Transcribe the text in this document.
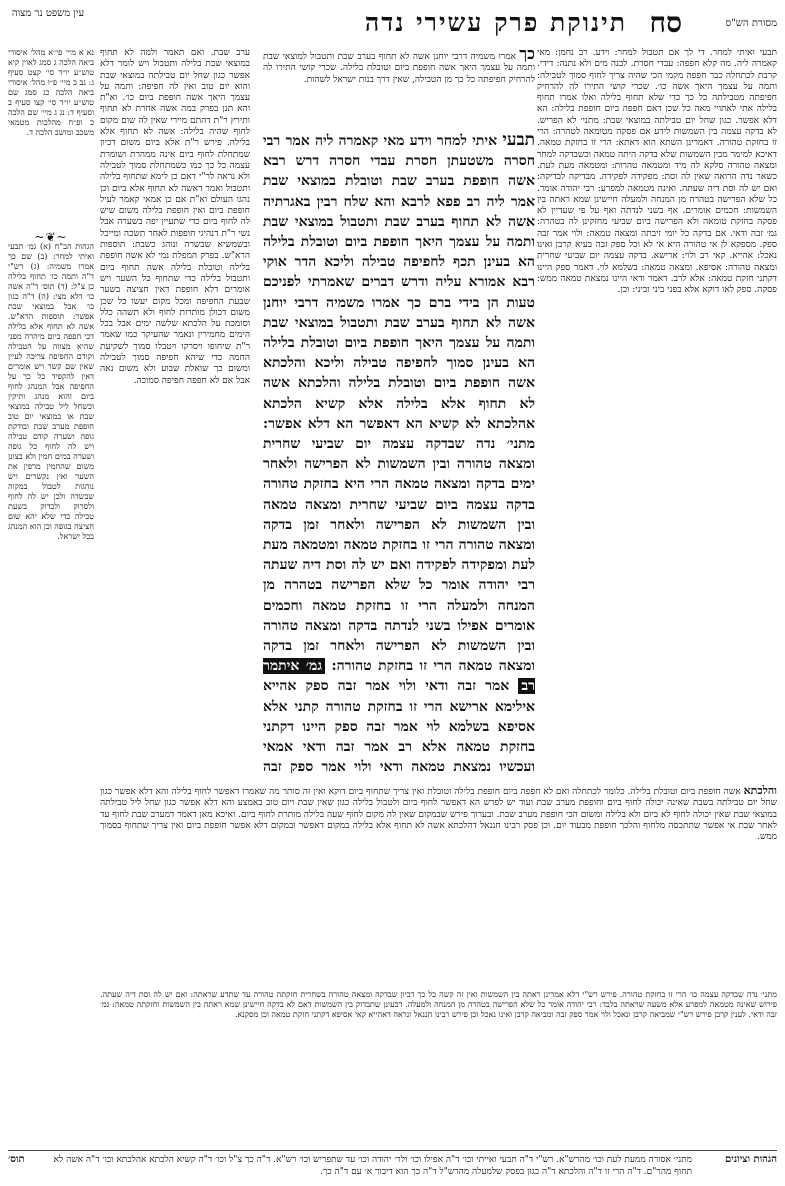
מסורת הש"ס
סח
תינוקת פרק עשירי נדה
עין משפט נר מצוה
תבעי ואיתי למחר. די לך אם תטבול למחר: וידע. רב נחמן: מאי קאמרה ליה. מה קלא חפפה: עבדי חסרת. לבנה מים ולא נתנה: דידי. קרבת לכתחלה כבר חפפה מקמי הכי שהיה צריך לחוף סמוך לטבילה: ותמה על עצמך היאך אשה כו׳. שכרי קושי התירו לה להרחיק חפיפתה מטבילתה כל כך כדי שלא תחוף בלילה ואלו אמרו תחוף בלילה אתי לאתויי מאה כל שכן דאם חפפה ביום חופפת בלילה: הא דלא אפשר. כגון שחל יום טבילתה במוצאי שבת: מתני׳ לא הפריש. לא בדקה עצמה בין השמשות לידע אם פסקה מטומאה לטהרה: הרי זו בחזקת טהורה. דאמרינן השתא הוא דאתא: הרי זו בחזקת טמאה. דאיכא למימר מבין השמשות שלא בדקה היתה טמאה וכשבדקה למחר ומצאה טהורה סלקא לה מיד ומטמאה טהרות: ומטמאה מעת לעת. כשאר נדה הרואה שאין לה וסת: מפקידה לפקידה. מבדיקה לבדיקה: ואם יש לה וסת דיה שעתה. ואינה מטמאה למפרע: רבי יהודה אומר. כל שלא הפרישה בטהרה מן המנחה ולמעלה חיישינן שמא ראתה בין השמשות: חכמים אומרים. אף בשני לנדתה ואף על פי שעדיין לא פסקה בחזקת טומאה ולא הפרישה ביום שביעי מחזקינן לה בטהרה: גמ׳ זבה ודאי. אם בדקה כל יומי זיבתה ומצאה טמאה: ולוי אמר זבה ספק. מספקא לן אי טהורה היא אי לא וכל ספק זבה בעיא קרבן ואינו נאכל: אהייא. קאי רב ולוי: ארישא. בדקה עצמה יום שביעי שחרית ומצאה טהורה: אסיפא. ומצאה טמאה: בשלמא לוי. דאמר ספק היינו דקתני חזקת טמאה: אלא לרב. דאמר ודאי היינו נמצאת טמאה ממש: פסקה. ספק לאו דוקא אלא בפני ביני וביני: וכן.
כך אמרו משמיה דרבי יוחנן אשה לא תחוף בערב שבת ותטבול למוצאי שבת ותמה על עצמך היאך אשה חופפת ביום וטובלת בלילה. שכרי קושי התירו לה להרחיק חפיפתה כל כך מן הטבילה, שאין דרך בנות ישראל לשהות.
תבעי איתי למחר וידע מאי קאמרה ליה אמר רבי חסרה משטעתן חסרת עבדי חסרה דרש רבא אשה חופפת בערב שבת וטובלת במוצאי שבת אמר ליה רב פפא לרבא והא שלח רבין באגרתיה אשה לא תחוף בערב שבת ותטבול במוצאי שבת ותמה על עצמך היאך חופפת ביום וטובלת בלילה הא בעינן תכף לחפיפה טבילה וליכא הדר אוקי רבא אמורא עליה ודרש דברים שאמרתי לפניכם טעות הן בידי ברם כך אמרו משמיה דרבי יוחנן אשה לא תחוף בערב שבת ותטבול במוצאי שבת ותמה על עצמך היאך חופפת ביום וטובלת בלילה הא בעינן סמוך לחפיפה טבילה וליכא והלכתא אשה חופפת ביום וטובלת בלילה והלכתא אשה לא תחוף אלא בלילה אלא קשיא הלכתא אהלכתא לא קשיא הא דאפשר הא דלא אפשר: מתני׳ נדה שבדקה עצמה יום שביעי שחרית ומצאה טהורה ובין השמשות לא הפרישה ולאחר ימים בדקה ומצאה טמאה הרי היא בחזקת טהורה בדקה עצמה ביום שביעי שחרית ומצאה טמאה ובין השמשות לא הפרישה ולאחר זמן בדקה ומצאה טהורה הרי זו בחזקת טמאה ומטמאה מעת לעת ומפקידה לפקידה ואם יש לה וסת דיה שעתה רבי יהודה אומר כל שלא הפרישה בטהרה מן המנחה ולמעלה הרי זו בחזקת טמאה וחכמים אומרים אפילו בשני לנדתה בדקה ומצאה טהורה ובין השמשות לא הפרישה ולאחר זמן בדקה ומצאה טמאה הרי זו בחזקת טהורה: גמ׳ איתמר רב אמר זבה ודאי ולוי אמר זבה ספק אהייא אילימא ארישא הרי זו בחזקת טהורה קתני אלא אסיפא בשלמא לוי אמר זבה ספק היינו דקתני בחזקת טמאה אלא רב אמר זבה ודאי אמאי ועכשיו נמצאת טמאה ודאי ולוי אמר ספק זבה
ערב שבת. ואם תאמר ולמה לא תחוף במוצאי שבת בלילה ותטבול ויש לומר דלא אפשר כגון שחל יום טבילתה במוצאי שבת והוא יום טוב ואין לה חפיפה: ותמה על עצמך היאך אשה חופפת ביום כו׳. וא"ת והא תנן בפרק במה אשה אחרת לא תחוף ותירץ ר"ת דהתם מיירי שאין לה שום מקום לחוף שהיה בלילה: אשה לא תחוף אלא בלילה. פירש ר"ת אלא ביום משום דכיון שמתחלת לחוף ביום אינה ממהרת ושומרת עצמה כל כך כמו כשמתחלת סמוך לטבילה ולא נראה לר"י דאם כן לימא שתחוף בלילה ותטבול ואמר דאשה לא תחוף אלא ביום וכן נהגו העולם וא"ת אם כן אמאי קאמר לעיל חופפת ביום ואין חופפת בלילה משום שיש לה לחוף ביום כדי שתעיין יפה בשערה אבל נשי ר"ת דנהיגי חופפות לאחר תשכה ומייכל ובשמשיא שבשרה ונוהג כשבת: תוספות הרא"ש. בפרק המפלת נמי לא אשה חופפת בלילה וטובלת בלילה אשה תחוף ביום ותטבול בלילה כדי שתחוף כל השער ויש אומרים דלא חופפת דאין חציצה בשער שבעת החפיפה ומכל מקום יעשו כל שכן משום דכולן מותרות לחוף ולא תשהה כלל וסומכת על הלכתא שלשה ימים אבל בכל הימים מחמירין ונאמר שהעיקר כמו שאמר ר"ת שיחופו ויסרקו ויטבלו סמוך לשקיעת החמה כדי שיהא חפיפה סמוך לטבילה ומשום כך שואלת שבוע ולא משום נאה אבל אם לא חפפה חפיפה סמוכה.
נא א מיי׳ פי״א מהל׳ איסורי ביאה הלכה ג סמג לאוין קיא טוש״ע יו״ד סי׳ קצט סעיף ג: נב ב מיי׳ פ״ו מהל׳ איסורי ביאה הלכה כג סמג שם טוש״ע יו״ד סי׳ קצו סעיף ב וסעיף ד: נג ג מיי׳ שם הלכה כ ופ״ח מהלכות מטמאי משכב ומושב הלכה ד.
~❦~
הגהות הב"ח (א) גמ׳ תבעי ואיתי למחר: (ב) שם כך אמרו משמיה: (ג) רש"י ד"ה ותמה כו׳ תחוף בלילה כן צ"ל: (ד) תוס׳ ד"ה אשה כו׳ דלא מצי: (ה) ד"ה כגון כו׳ אבל במוצאי שבת אפשר: תוספות הרא"ש. אשה לא תחוף אלא בלילה דכי חפפה ביום מיהרה מפני שהיא מצווה על הטבילה וקודם החפיפה צריכה לעיין שאין שם קשר ויש אומרים דאין להקפיד כל כך על החפיפה אבל המנהג לחוף ביום והוא מנהג ותיקין וכשחל ליל טבילה במוצאי שבת או במוצאי יום טוב חופפת מערב שבת ובודקת גופה ושערה קודם טבילה ויש לה לחוף כל גופה ושערה במים חמין ולא בצונן משום שהחמין מרפין את השער ואין נקשרים ויש נוהגות לטבול במקוה שבשדה ולכן יש לה לחוף ולסרוק ולבדוק בשעת טבילה כדי שלא יהא שום חציצה בגופה וכן הוא המנהג בכל ישראל.
והלכתא אשה חופפת ביום וטובלת בלילה. כלומר לכתחלה ואם לא חפפה ביום חופפת בלילה וטובלת ואין צריך שתחוף ביום דוקא ואין זה סותר מה שאמרו דאפשר לחוף בלילה והא דלא אפשר כגון שחל יום טבילתה בשבת שאינה יכולה לחוף ביום וחופפת מערב שבת ועוד יש לפרש הא דאפשר לחוף ביום ולטבול בלילה כגון שאין שבת ויום טוב באמצע והא דלא אפשר כגון שחל ליל טבילתה במוצאי שבת שאין יכולה לחוף לא ביום ולא בלילה ומשום הכי חופפת מערב שבת. ובערוך פירש שבמקום שאין לה מקום לחוף שעה בלילה מותרת לחוף ביום. ואיכא מאן דאמר דמערב שבת לחוף עד לאחר שבת אי אפשר שתתכסה מלחוף והלכך חופפת מבעוד יום. וכן פסק רבינו חננאל דהלכתא אשה לא תחוף אלא בלילה במקום דאפשר ובמקום דלא אפשר חופפת ביום ואין צריך שתחוף בסמוך ממש.
מתני׳ נדה שבדקה עצמה כו׳ הרי זו בחזקת טהורה. פירש רש"י דלא אמרינן ראתה בין השמשות ואין זה קשה כל כך דכיון שבדקה ומצאה טהורה בשחרית חזקתה טהורה עד שתדע שראתה: ואם יש לה וסת דיה שעתה. פירוש שאינה מטמאה למפרע אלא משעה שראתה בלבד: רבי יהודה אומר כל שלא הפרישה בטהרה מן המנחה ולמעלה. דבעינן שתבדוק בין השמשות דאם לא בדקה חיישינן שמא ראתה בין השמשות וחזקתה טמאה: גמ׳ זבה ודאי. לענין קרבן פירש רש"י שמביאה קרבן ונאכל ולוי אמר ספק זבה ומביאה קרבן ואינו נאכל וכן פירש רבינו חננאל ונראה דאהייא קאי אסיפא דקתני חזקת טמאה וכן מסקנא.
הגהות וציונים
מתני׳ אסורה ממעת לעת וכו׳ מהרש"א. רש"י ד"ה תבעי ואייתי וכו׳ ד"ה אפילו וכו׳ ולר׳ יהודה וכו׳ עד שתפריש וכו׳ רש"א. ד"ה כך צ"ל וכו׳ ד"ה קשיא הלכתא אהלכתא וכו׳ ד"ה אשה לא תחוף מהר"ם. ד"ה הרי זו ד"ה והלכתא ד"ה כגון בפסק שלמעלה מהרש"ל ד"ה כך הוא דיבור א׳ עם ד"ה כך.
תוס׳
